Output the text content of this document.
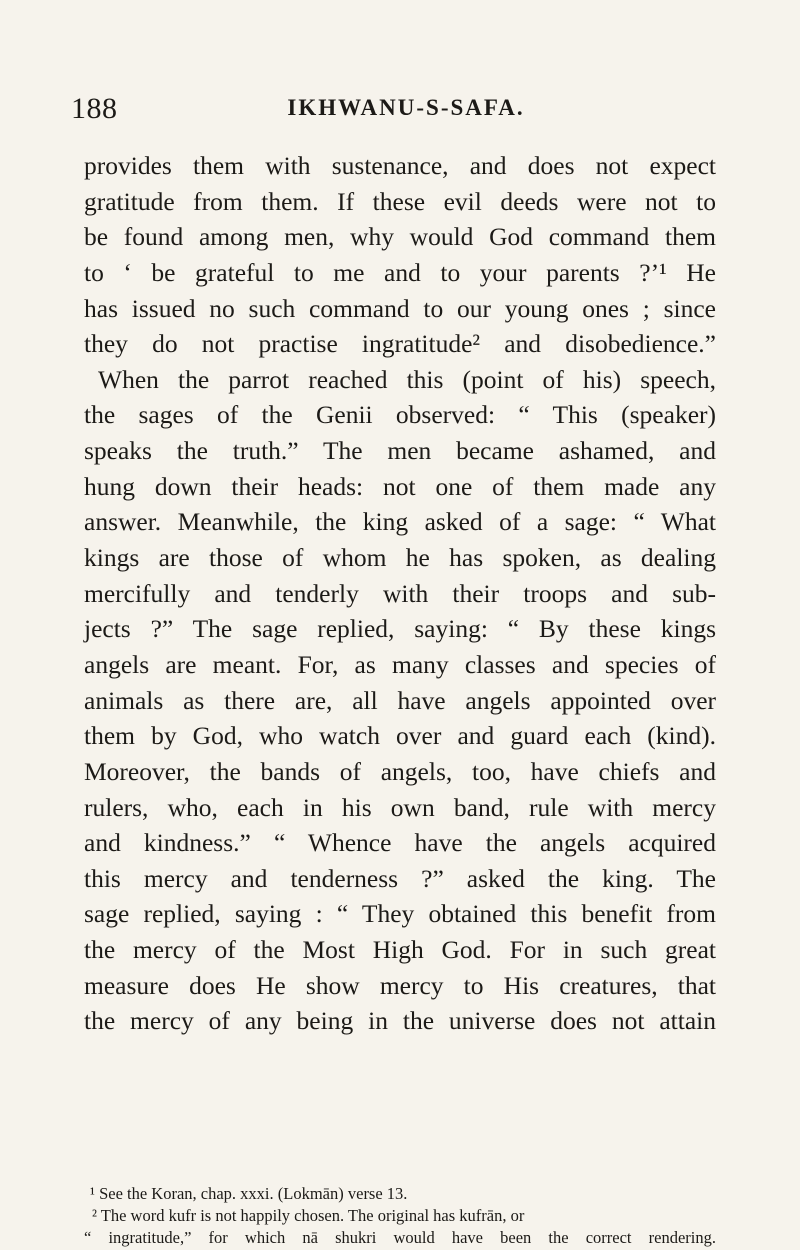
188	IKHWANU-S-SAFA.
provides them with sustenance, and does not expect
gratitude from them. If these evil deeds were not to
be found among men, why would God command them
to ‘ be grateful to me and to your parents ?’¹ He
has issued no such command to our young ones ; since
they do not practise ingratitude² and disobedience.”
When the parrot reached this (point of his) speech,
the sages of the Genii observed: “ This (speaker)
speaks the truth.” The men became ashamed, and
hung down their heads: not one of them made any
answer. Meanwhile, the king asked of a sage: “ What
kings are those of whom he has spoken, as dealing
mercifully and tenderly with their troops and sub-
jects ?” The sage replied, saying: “ By these kings
angels are meant. For, as many classes and species of
animals as there are, all have angels appointed over
them by God, who watch over and guard each (kind).
Moreover, the bands of angels, too, have chiefs and
rulers, who, each in his own band, rule with mercy
and kindness.” “ Whence have the angels acquired
this mercy and tenderness ?” asked the king. The
sage replied, saying : “ They obtained this benefit from
the mercy of the Most High God. For in such great
measure does He show mercy to His creatures, that
the mercy of any being in the universe does not attain
¹ See the Koran, chap. xxxi. (Lokmān) verse 13.
² The word kufr is not happily chosen. The original has kufrān, or
“ ingratitude,” for which nā shukri would have been the correct rendering.
